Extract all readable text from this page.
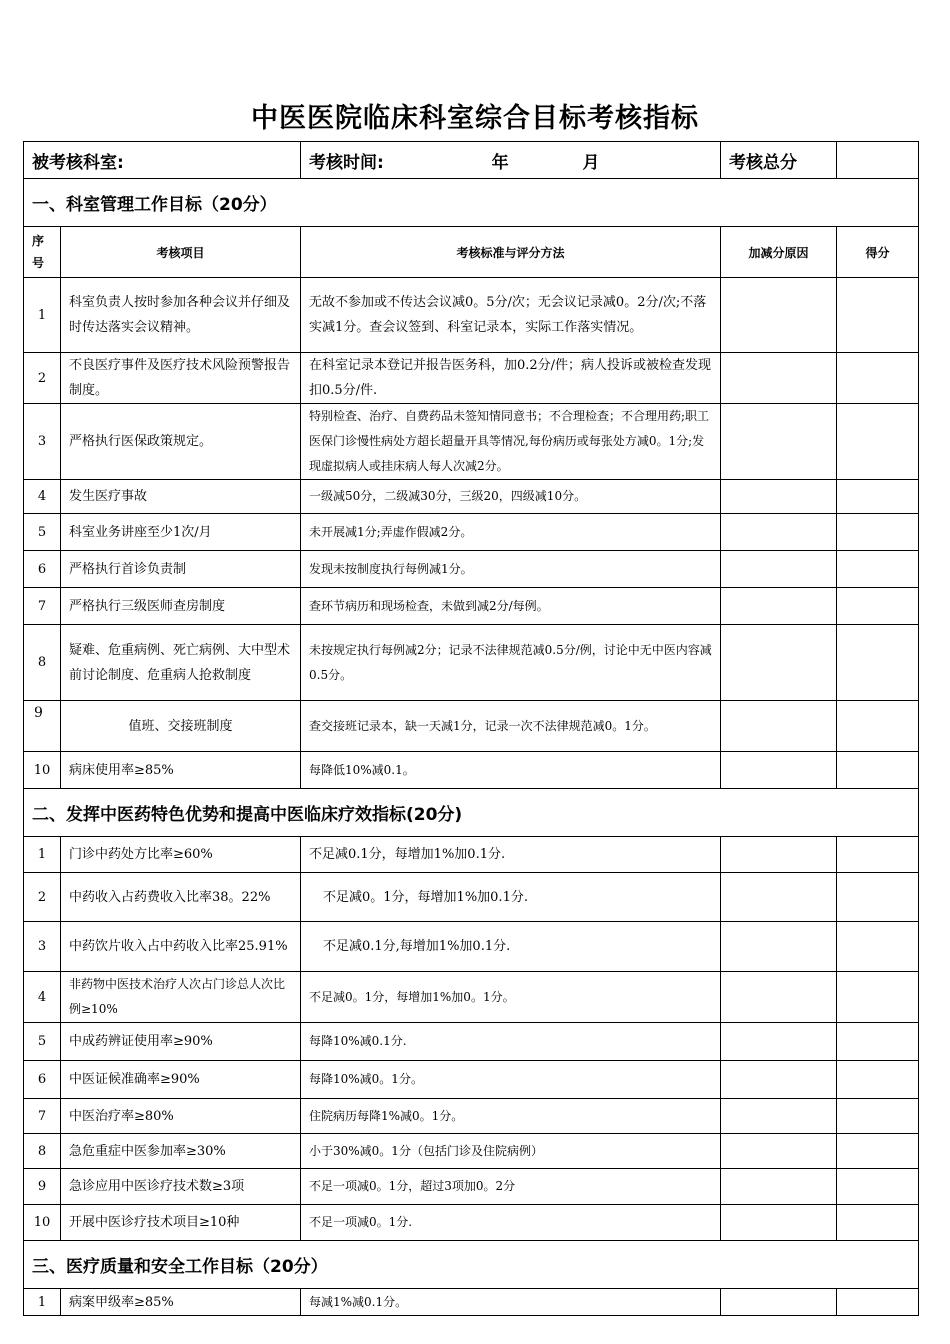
中医医院临床科室综合目标考核指标
被考核科室:		考核时间: 年 月	考核总分	
一、科室管理工作目标（20分）				
序号	考核项目	考核标准与评分方法	加减分原因	得分
1	科室负责人按时参加各种会议并仔细及时传达落实会议精神。	无故不参加或不传达会议减0。5分/次；无会议记录减0。2分/次;不落实减1分。查会议签到、科室记录本，实际工作落实情况。		
2	不良医疗事件及医疗技术风险预警报告制度。	在科室记录本登记并报告医务科，加0.2分/件；病人投诉或被检查发现扣0.5分/件.		
3	严格执行医保政策规定。	特别检查、治疗、自费药品未签知情同意书；不合理检查；不合理用药;职工医保门诊慢性病处方超长超量开具等情况,每份病历或每张处方减0。1分;发现虚拟病人或挂床病人每人次减2分。		
4	发生医疗事故	一级减50分，二级减30分，三级20，四级减10分。		
5	科室业务讲座至少1次/月	未开展减1分;弄虚作假减2分。		
6	严格执行首诊负责制	发现未按制度执行每例减1分。		
7	严格执行三级医师查房制度	查环节病历和现场检查，未做到减2分/每例。		
8	疑难、危重病例、死亡病例、大中型术前讨论制度、危重病人抢救制度	未按规定执行每例减2分；记录不法律规范减0.5分/例，讨论中无中医内容减0.5分。		
9	值班、交接班制度	查交接班记录本，缺一天减1分，记录一次不法律规范减0。1分。		
10	病床使用率≥85%	每降低10%减0.1。		
二、发挥中医药特色优势和提高中医临床疗效指标(20分)				
1	门诊中药处方比率≥60%	不足减0.1分，每增加1%加0.1分.		
2	中药收入占药费收入比率38。22%	不足减0。1分，每增加1%加0.1分.		
3	中药饮片收入占中药收入比率25.91%	不足减0.1分,每增加1%加0.1分.		
4	非药物中医技术治疗人次占门诊总人次比例≥10%	不足减0。1分，每增加1%加0。1分。		
5	中成药辨证使用率≥90%	每降10%减0.1分.		
6	中医证候准确率≥90%	每降10%减0。1分。		
7	中医治疗率≥80%	住院病历每降1%减0。1分。		
8	急危重症中医参加率≥30%	小于30%减0。1分（包括门诊及住院病例）		
9	急诊应用中医诊疗技术数≥3项	不足一项减0。1分，超过3项加0。2分		
10	开展中医诊疗技术项目≥10种	不足一项减0。1分.		
三、医疗质量和安全工作目标（20分）				
1	病案甲级率≥85%	每减1%减0.1分。		
